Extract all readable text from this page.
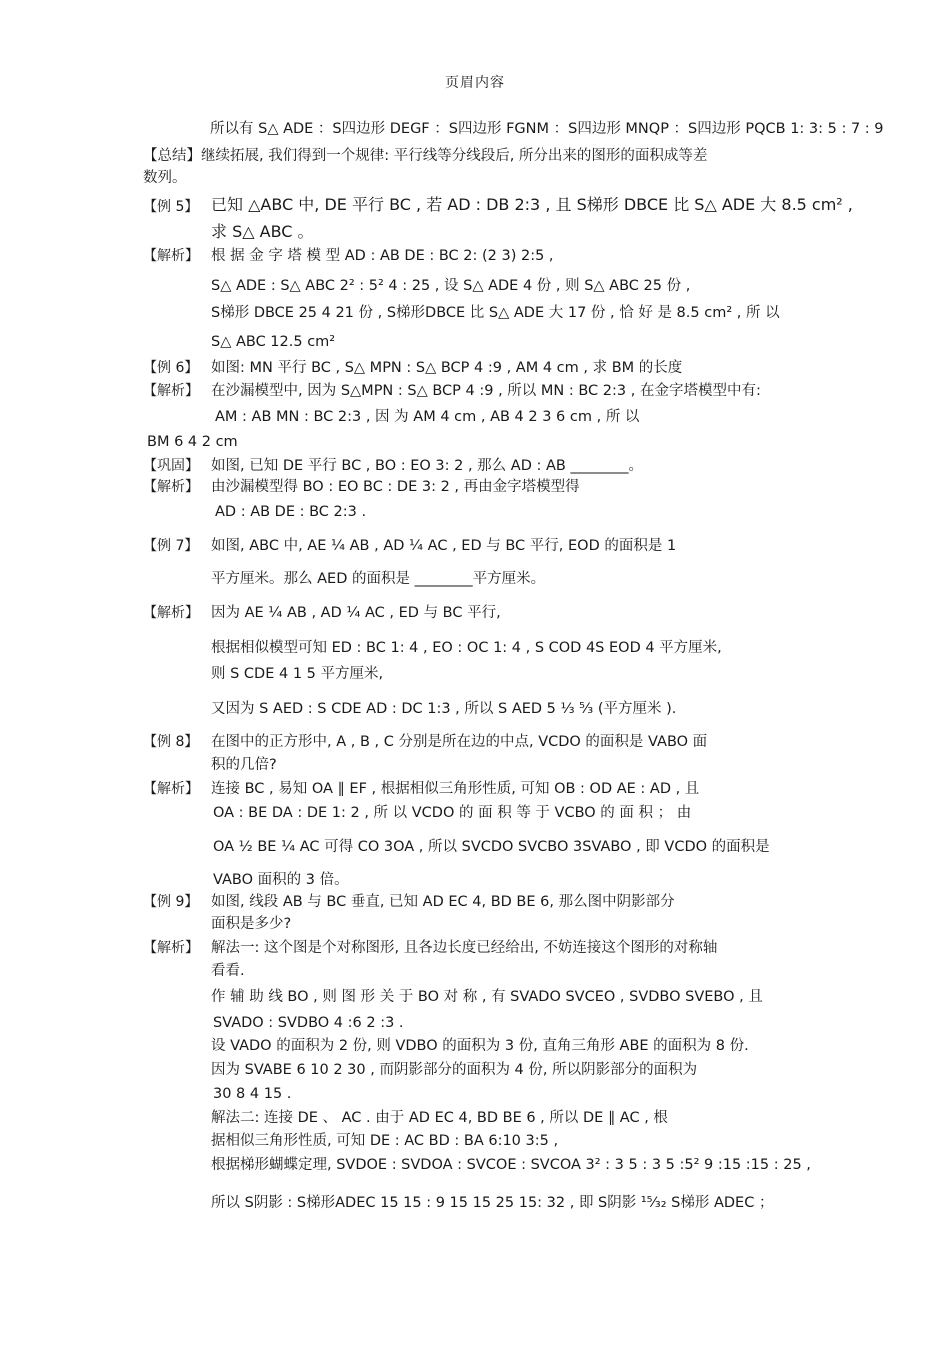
页眉内容
【例 5】
【解析】
【例 6】
【解析】
【巩固】
【解析】
【例 7】
【解析】
【例 8】
【解析】
【例 9】
【解析】
所以有 S△ ADE ：S四边形 DEGF ：S四边形 FGNM ：S四边形 MNQP ：S四边形 PQCB 1: 3: 5 : 7 : 9
【总结】继续拓展, 我们得到一个规律: 平行线等分线段后, 所分出来的图形的面积成等差
数列。
已知 △ABC 中, DE 平行 BC , 若 AD : DB 2:3 , 且 S梯形 DBCE 比 S△ ADE 大 8.5 cm² ,
求 S△ ABC 。
根 据 金 字 塔 模 型 AD : AB DE : BC 2: (2 3) 2:5 ,
S△ ADE : S△ ABC 2² : 5² 4 : 25 , 设 S△ ADE 4 份 , 则 S△ ABC 25 份 ,
S梯形 DBCE 25 4 21 份 , S梯形DBCE 比 S△ ADE 大 17 份 , 恰 好 是 8.5 cm² , 所 以
S△ ABC 12.5 cm²
如图: MN 平行 BC , S△ MPN : S△ BCP 4 :9 , AM 4 cm , 求 BM 的长度
在沙漏模型中, 因为 S△MPN : S△ BCP 4 :9 , 所以 MN : BC 2:3 , 在金字塔模型中有:
AM : AB MN : BC 2:3 , 因 为 AM 4 cm , AB 4 2 3 6 cm , 所 以
BM 6 4 2 cm
如图, 已知 DE 平行 BC , BO : EO 3: 2 , 那么 AD : AB ________。
由沙漏模型得 BO : EO BC : DE 3: 2 , 再由金字塔模型得
AD : AB DE : BC 2:3 .
如图, ABC 中, AE ¼ AB , AD ¼ AC , ED 与 BC 平行, EOD 的面积是 1
平方厘米。那么 AED 的面积是 ________平方厘米。
因为 AE ¼ AB , AD ¼ AC , ED 与 BC 平行,
根据相似模型可知 ED : BC 1: 4 , EO : OC 1: 4 , S COD 4S EOD 4 平方厘米,
则 S CDE 4 1 5 平方厘米,
又因为 S AED : S CDE AD : DC 1:3 , 所以 S AED 5 ⅓ ⁵⁄₃ (平方厘米 ).
在图中的正方形中, A , B , C 分别是所在边的中点, VCDO 的面积是 VABO 面
积的几倍?
连接 BC , 易知 OA ∥ EF , 根据相似三角形性质, 可知 OB : OD AE : AD , 且
OA : BE DA : DE 1: 2 , 所 以 VCDO 的 面 积 等 于 VCBO 的 面 积 ； 由
OA ½ BE ¼ AC 可得 CO 3OA , 所以 SVCDO SVCBO 3SVABO , 即 VCDO 的面积是
VABO 面积的 3 倍。
如图, 线段 AB 与 BC 垂直, 已知 AD EC 4, BD BE 6, 那么图中阴影部分
面积是多少?
解法一: 这个图是个对称图形, 且各边长度已经给出, 不妨连接这个图形的对称轴
看看.
作 辅 助 线 BO , 则 图 形 关 于 BO 对 称 , 有 SVADO SVCEO , SVDBO SVEBO , 且
SVADO : SVDBO 4 :6 2 :3 .
设 VADO 的面积为 2 份, 则 VDBO 的面积为 3 份, 直角三角形 ABE 的面积为 8 份.
因为 SVABE 6 10 2 30 , 而阴影部分的面积为 4 份, 所以阴影部分的面积为
30 8 4 15 .
解法二: 连接 DE 、 AC . 由于 AD EC 4, BD BE 6 , 所以 DE ∥ AC , 根
据相似三角形性质, 可知 DE : AC BD : BA 6:10 3:5 ,
根据梯形蝴蝶定理, SVDOE : SVDOA : SVCOE : SVCOA 3² : 3 5 : 3 5 :5² 9 :15 :15 : 25 ,
所以 S阴影 : S梯形ADEC 15 15 : 9 15 15 25 15: 32 , 即 S阴影 ¹⁵⁄₃₂ S梯形 ADEC ；
